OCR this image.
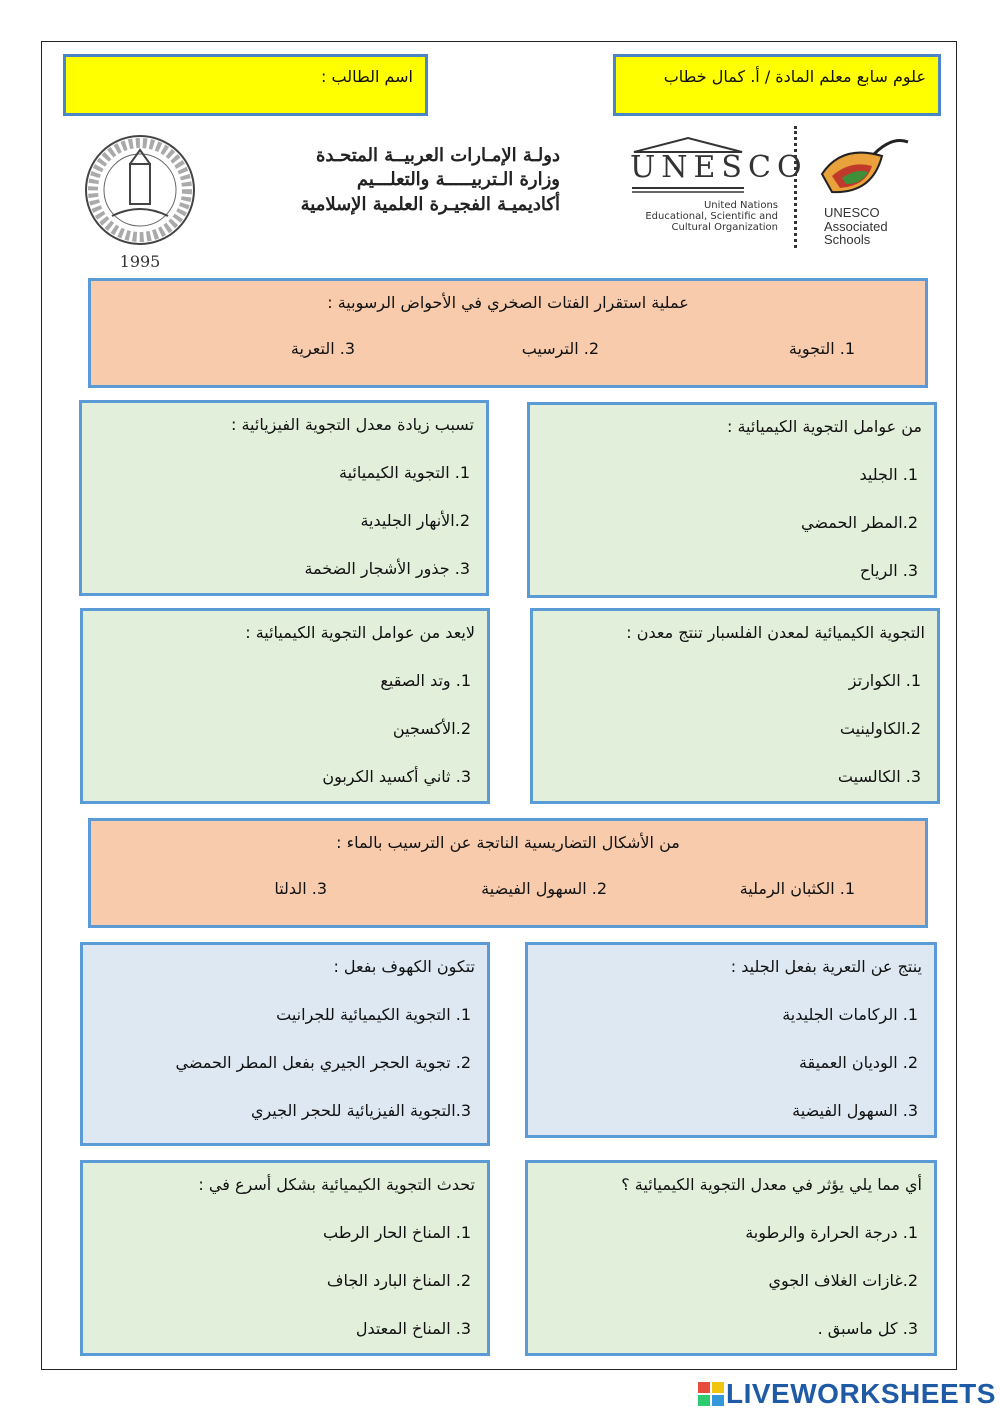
اسم الطالب :	علوم سابع معلم المادة / أ. كمال خطاب
1995
دولـة الإمـارات العربيــة المتحـدة
وزارة الـتربيـــــة والتعلـــيم
أكاديميـة الفجيـرة العلمية الإسلامية
UNESCO
United Nations
Educational, Scientific and
Cultural Organization
UNESCO
Associated
Schools
عملية استقرار الفتات الصخري في الأحواض الرسوبية :
1. التجوية
2. الترسيب
3. التعرية
من عوامل التجوية الكيميائية :
1. الجليد
2.المطر الحمضي
3. الرياح
تسبب زيادة معدل التجوية الفيزيائية :
1. التجوية الكيميائية
2.الأنهار الجليدية
3. جذور الأشجار الضخمة
التجوية الكيميائية لمعدن الفلسبار تنتج معدن :
1. الكوارتز
2.الكاولينيت
3. الكالسيت
لايعد من عوامل التجوية الكيميائية :
1. وتد الصقيع
2.الأكسجين
3. ثاني أكسيد الكربون
من الأشكال التضاريسية الناتجة عن الترسيب بالماء :
1. الكثبان الرملية
2. السهول الفيضية
3. الدلتا
ينتج عن التعرية بفعل الجليد :
1. الركامات الجليدية
2. الوديان العميقة
3. السهول الفيضية
تتكون الكهوف بفعل :
1. التجوية الكيميائية للجرانيت
2. تجوية الحجر الجيري بفعل المطر الحمضي
3.التجوية الفيزيائية للحجر الجيري
أي مما يلي يؤثر في معدل التجوية الكيميائية ؟
1. درجة الحرارة والرطوبة
2.غازات الغلاف الجوي
3. كل ماسبق .
تحدث التجوية الكيميائية بشكل أسرع في :
1. المناخ الحار الرطب
2. المناخ البارد الجاف
3. المناخ المعتدل
LIVEWORKSHEETS
